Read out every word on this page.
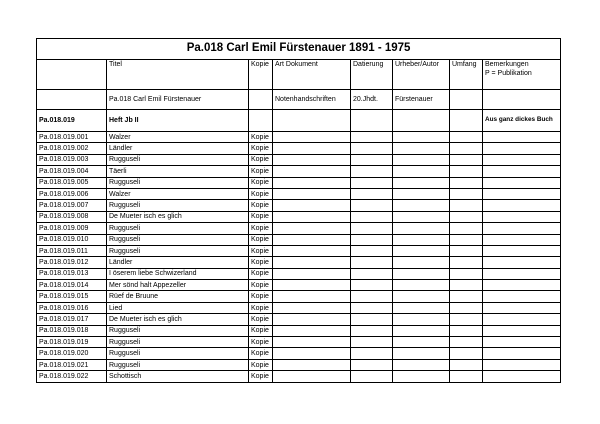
Pa.018 Carl Emil Fürstenauer 1891 - 1975							
	Titel	Kopie	Art Dokument	Datierung	Urheber/Autor	Umfang	Bemerkungen
P = Publikation
	Pa.018 Carl Emil Fürstenauer		Notenhandschriften	20.Jhdt.	Fürstenauer		
Pa.018.019	Heft Jb II						Aus ganz dickes Buch
Pa.018.019.001	Walzer	Kopie					
Pa.018.019.002	Ländler	Kopie					
Pa.018.019.003	Rugguseli	Kopie					
Pa.018.019.004	Täerli	Kopie					
Pa.018.019.005	Rugguseli	Kopie					
Pa.018.019.006	Walzer	Kopie					
Pa.018.019.007	Rugguseli	Kopie					
Pa.018.019.008	De Mueter isch es glich	Kopie					
Pa.018.019.009	Rugguseli	Kopie					
Pa.018.019.010	Rugguseli	Kopie					
Pa.018.019.011	Rugguseli	Kopie					
Pa.018.019.012	Ländler	Kopie					
Pa.018.019.013	I öserem liebe Schwizerland	Kopie					
Pa.018.019.014	Mer sönd halt Appezeller	Kopie					
Pa.018.019.015	Rüef de Bruune	Kopie					
Pa.018.019.016	Lied	Kopie					
Pa.018.019.017	De Mueter isch es glich	Kopie					
Pa.018.019.018	Rugguseli	Kopie					
Pa.018.019.019	Rugguseli	Kopie					
Pa.018.019.020	Rugguseli	Kopie					
Pa.018.019.021	Rugguseli	Kopie					
Pa.018.019.022	Schottisch	Kopie					
